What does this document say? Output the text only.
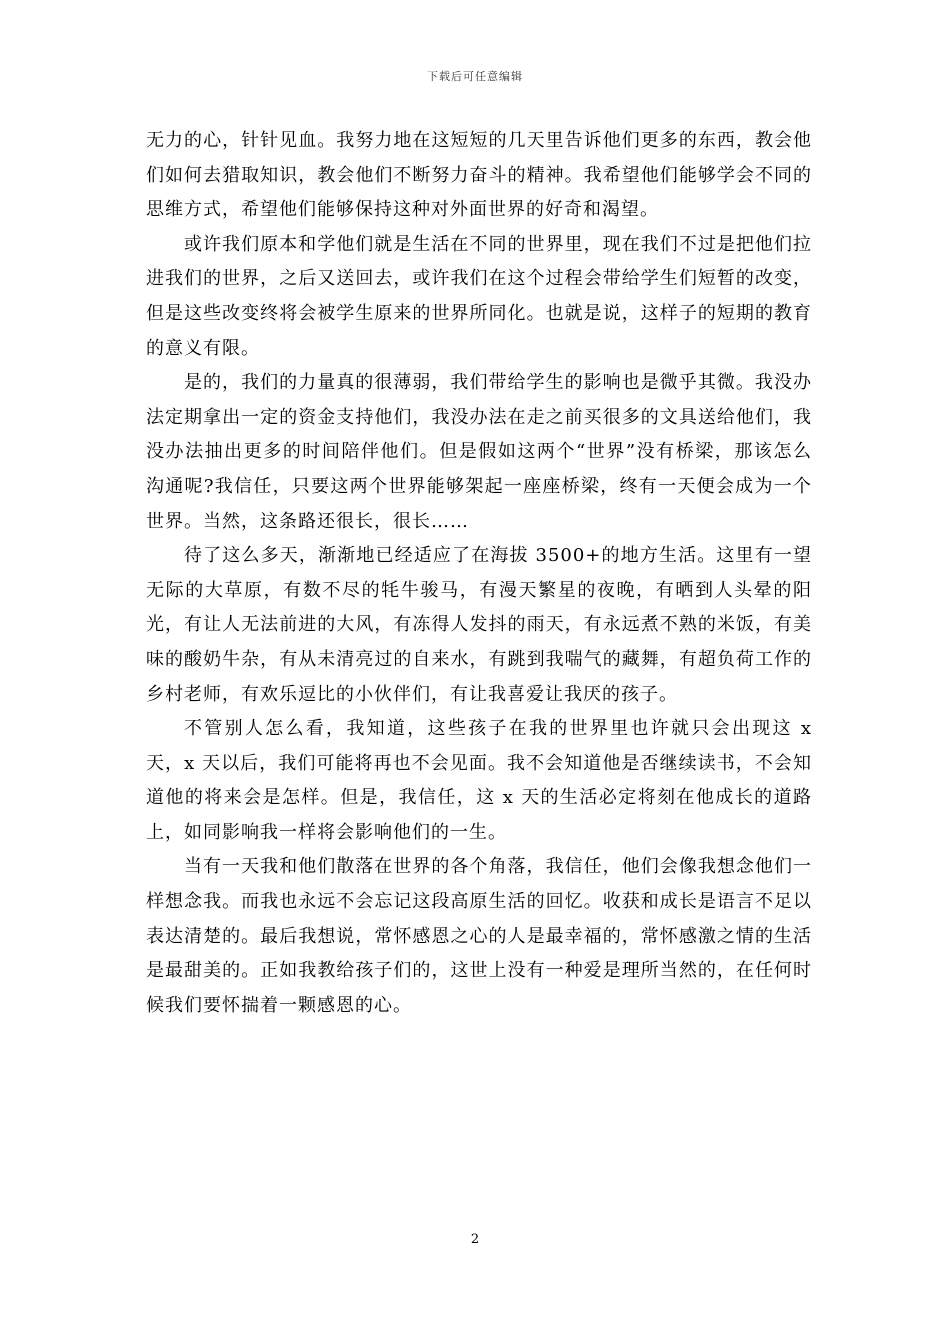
下载后可任意编辑

无力的心，针针见血。我努力地在这短短的几天里告诉他们更多的东西，教会他们如何去猎取知识，教会他们不断努力奋斗的精神。我希望他们能够学会不同的思维方式，希望他们能够保持这种对外面世界的好奇和渴望。

或许我们原本和学他们就是生活在不同的世界里，现在我们不过是把他们拉进我们的世界，之后又送回去，或许我们在这个过程会带给学生们短暂的改变，但是这些改变终将会被学生原来的世界所同化。也就是说，这样子的短期的教育的意义有限。

是的，我们的力量真的很薄弱，我们带给学生的影响也是微乎其微。我没办法定期拿出一定的资金支持他们，我没办法在走之前买很多的文具送给他们，我没办法抽出更多的时间陪伴他们。但是假如这两个“世界”没有桥梁，那该怎么沟通呢?我信任，只要这两个世界能够架起一座座桥梁，终有一天便会成为一个世界。当然，这条路还很长，很长……

待了这么多天，渐渐地已经适应了在海拔 3500+的地方生活。这里有一望无际的大草原，有数不尽的牦牛骏马，有漫天繁星的夜晚，有晒到人头晕的阳光，有让人无法前进的大风，有冻得人发抖的雨天，有永远煮不熟的米饭，有美味的酸奶牛杂，有从未清亮过的自来水，有跳到我喘气的藏舞，有超负荷工作的乡村老师，有欢乐逗比的小伙伴们，有让我喜爱让我厌的孩子。

不管别人怎么看，我知道，这些孩子在我的世界里也许就只会出现这 x 天，x 天以后，我们可能将再也不会见面。我不会知道他是否继续读书，不会知道他的将来会是怎样。但是，我信任，这 x 天的生活必定将刻在他成长的道路上，如同影响我一样将会影响他们的一生。

当有一天我和他们散落在世界的各个角落，我信任，他们会像我想念他们一样想念我。而我也永远不会忘记这段高原生活的回忆。收获和成长是语言不足以表达清楚的。最后我想说，常怀感恩之心的人是最幸福的，常怀感激之情的生活是最甜美的。正如我教给孩子们的，这世上没有一种爱是理所当然的，在任何时候我们要怀揣着一颗感恩的心。

2
